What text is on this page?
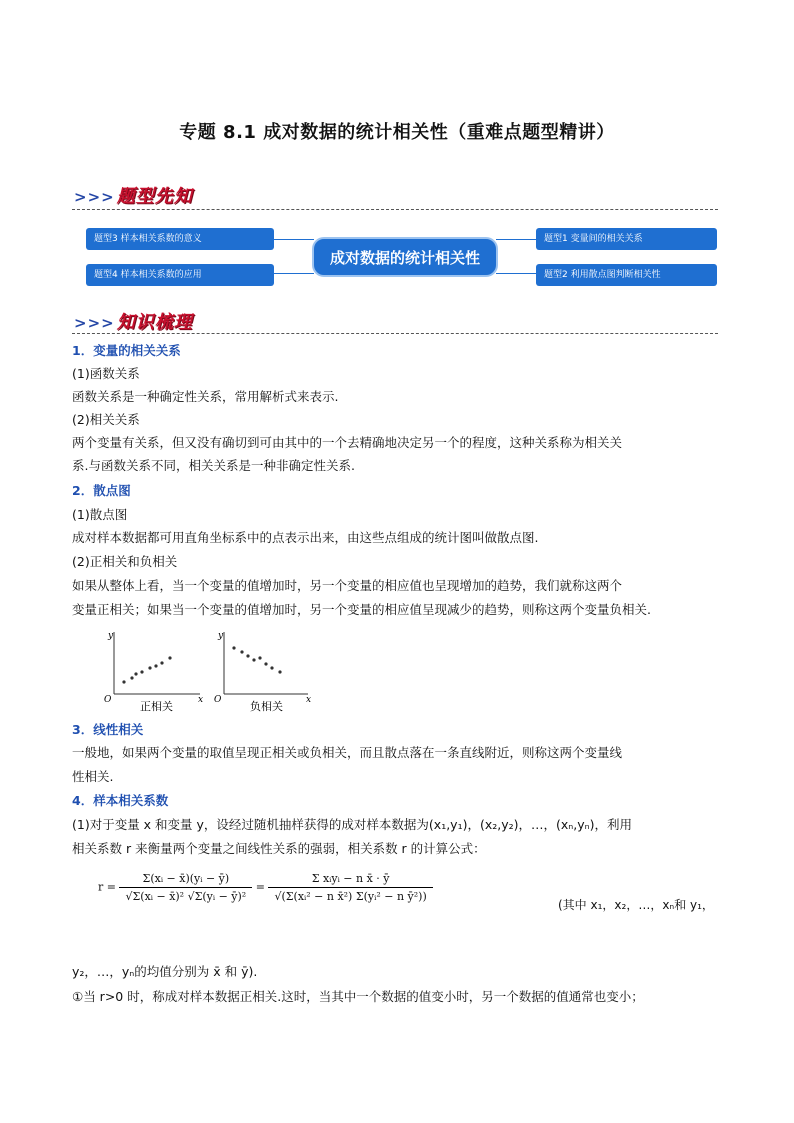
专题 8.1 成对数据的统计相关性（重难点题型精讲）
>>> 题型先知
题型3 样本相关系数的意义
题型4 样本相关系数的应用
成对数据的统计相关性
题型1 变量间的相关关系
题型2 利用散点图判断相关性
>>> 知识梳理
1．变量的相关关系
(1)函数关系
函数关系是一种确定性关系，常用解析式来表示.
(2)相关关系
两个变量有关系，但又没有确切到可由其中的一个去精确地决定另一个的程度，这种关系称为相关关
系.与函数关系不同，相关关系是一种非确定性关系.
2．散点图
(1)散点图
成对样本数据都可用直角坐标系中的点表示出来，由这些点组成的统计图叫做散点图.
(2)正相关和负相关
如果从整体上看，当一个变量的值增加时，另一个变量的相应值也呈现增加的趋势，我们就称这两个
变量正相关；如果当一个变量的值增加时，另一个变量的相应值呈现减少的趋势，则称这两个变量负相关.
y
x
O	正相关
y
x
O	负相关
3．线性相关
一般地，如果两个变量的取值呈现正相关或负相关，而且散点落在一条直线附近，则称这两个变量线
性相关.
4．样本相关系数
(1)对于变量 x 和变量 y，设经过随机抽样获得的成对样本数据为(x₁,y₁)，(x₂,y₂)，…，(xₙ,yₙ)，利用
相关系数 r 来衡量两个变量之间线性关系的强弱，相关系数 r 的计算公式：
$r = \frac{\text{Σ(xᵢ − x̄)(yᵢ − ȳ)}}{\text{√Σ(xᵢ − x̄)² √Σ(yᵢ − ȳ)²}} = \frac{\text{Σ xᵢyᵢ − n x̄ · ȳ}}{\text{√(Σ(xᵢ² − n x̄²) Σ(yᵢ² − n ȳ²))}}$	(其中 x₁，x₂，…，xₙ和 y₁，
y₂，…，yₙ的均值分别为 x̄ 和 ȳ).
①当 r>0 时，称成对样本数据正相关.这时，当其中一个数据的值变小时，另一个数据的值通常也变小；
